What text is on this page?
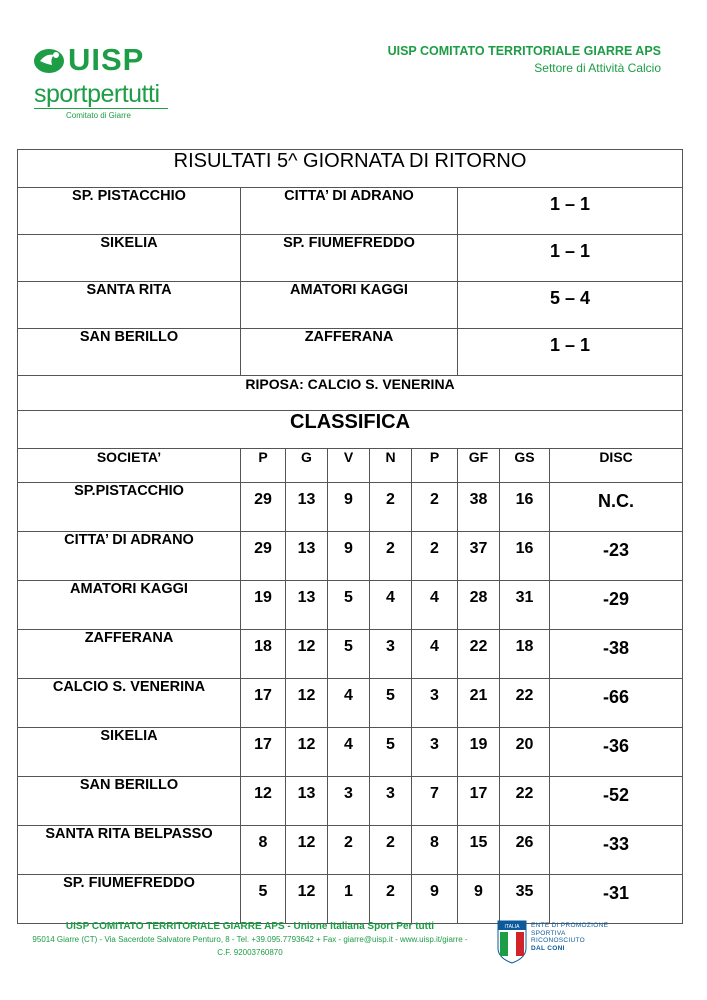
UISP
sportpertutti
Comitato di Giarre
UISP COMITATO TERRITORIALE GIARRE APS
Settore di Attività Calcio
RISULTATI 5^ GIORNATA DI RITORNO								
SP. PISTACCHIO	CITTA’ DI ADRANO					1 – 1		
SIKELIA	SP. FIUMEFREDDO					1 – 1		
SANTA RITA	AMATORI KAGGI					5 – 4		
SAN BERILLO	ZAFFERANA					1 – 1		
RIPOSA: CALCIO S. VENERINA								
CLASSIFICA								
SOCIETA’	P	G	V	N	P	GF	GS	DISC
SP.PISTACCHIO	29	13	9	2	2	38	16	N.C.
CITTA’ DI ADRANO	29	13	9	2	2	37	16	-23
AMATORI KAGGI	19	13	5	4	4	28	31	-29
ZAFFERANA	18	12	5	3	4	22	18	-38
CALCIO S. VENERINA	17	12	4	5	3	21	22	-66
SIKELIA	17	12	4	5	3	19	20	-36
SAN BERILLO	12	13	3	3	7	17	22	-52
SANTA RITA BELPASSO	8	12	2	2	8	15	26	-33
SP. FIUMEFREDDO	5	12	1	2	9	9	35	-31
UISP COMITATO TERRITORIALE GIARRE APS - Unione Italiana Sport Per tutti
95014 Giarre (CT) - Via Sacerdote Salvatore Penturo, 8 - Tel. +39.095.7793642 + Fax - giarre@uisp.it - www.uisp.it/giarre -
C.F. 92003760870
ITALIA ENTE DI PROMOZIONE
SPORTIVA
RICONOSCIUTO
DAL CONI
